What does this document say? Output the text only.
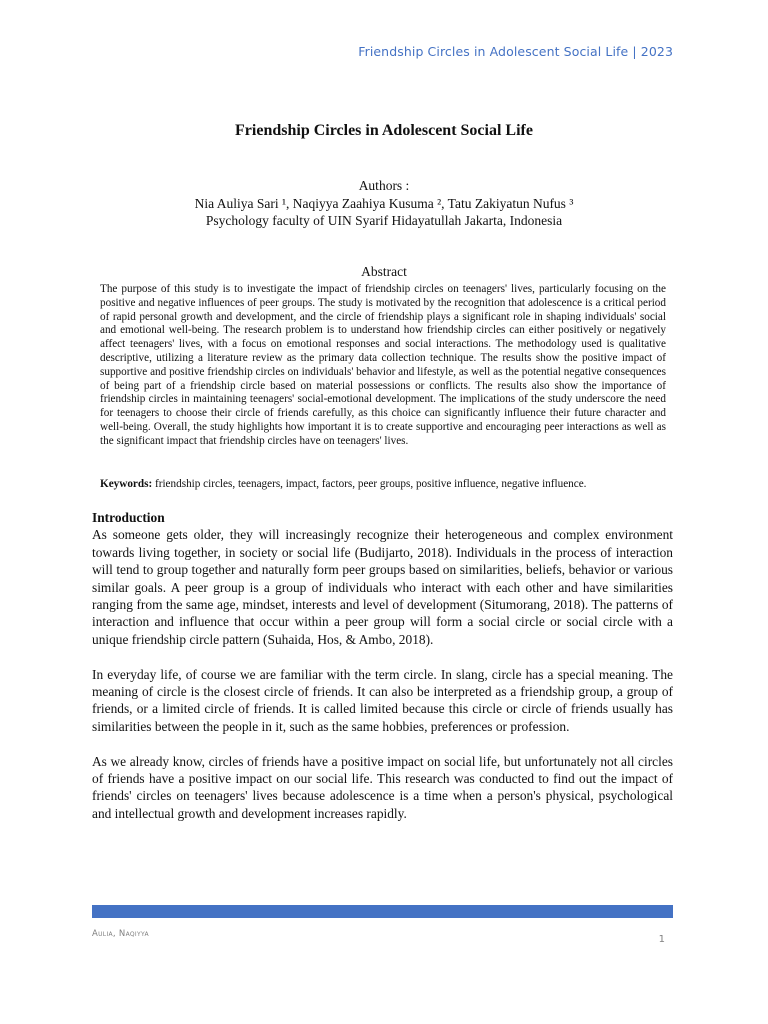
Friendship Circles in Adolescent Social Life | 2023
Friendship Circles in Adolescent Social Life
Authors :
Nia Auliya Sari ¹, Naqiyya Zaahiya Kusuma ², Tatu Zakiyatun Nufus ³
Psychology faculty of UIN Syarif Hidayatullah Jakarta, Indonesia
Abstract
The purpose of this study is to investigate the impact of friendship circles on teenagers' lives, particularly focusing on the positive and negative influences of peer groups. The study is motivated by the recognition that adolescence is a critical period of rapid personal growth and development, and the circle of friendship plays a significant role in shaping individuals' social and emotional well-being. The research problem is to understand how friendship circles can either positively or negatively affect teenagers' lives, with a focus on emotional responses and social interactions. The methodology used is qualitative descriptive, utilizing a literature review as the primary data collection technique. The results show the positive impact of supportive and positive friendship circles on individuals' behavior and lifestyle, as well as the potential negative consequences of being part of a friendship circle based on material possessions or conflicts. The results also show the importance of friendship circles in maintaining teenagers' social-emotional development. The implications of the study underscore the need for teenagers to choose their circle of friends carefully, as this choice can significantly influence their future character and well-being. Overall, the study highlights how important it is to create supportive and encouraging peer interactions as well as the significant impact that friendship circles have on teenagers' lives.
Keywords: friendship circles, teenagers, impact, factors, peer groups, positive influence, negative influence.
Introduction

As someone gets older, they will increasingly recognize their heterogeneous and complex environment towards living together, in society or social life (Budijarto, 2018). Individuals in the process of interaction will tend to group together and naturally form peer groups based on similarities, beliefs, behavior or various similar goals. A peer group is a group of individuals who interact with each other and have similarities ranging from the same age, mindset, interests and level of development (Situmorang, 2018). The patterns of interaction and influence that occur within a peer group will form a social circle or social circle with a unique friendship circle pattern (Suhaida, Hos, & Ambo, 2018).

In everyday life, of course we are familiar with the term circle. In slang, circle has a special meaning. The meaning of circle is the closest circle of friends. It can also be interpreted as a friendship group, a group of friends, or a limited circle of friends. It is called limited because this circle or circle of friends usually has similarities between the people in it, such as the same hobbies, preferences or profession.

As we already know, circles of friends have a positive impact on social life, but unfortunately not all circles of friends have a positive impact on our social life. This research was conducted to find out the impact of friends' circles on teenagers' lives because adolescence is a time when a person's physical, psychological and intellectual growth and development increases rapidly.

Aulia, Naqiyya	1
